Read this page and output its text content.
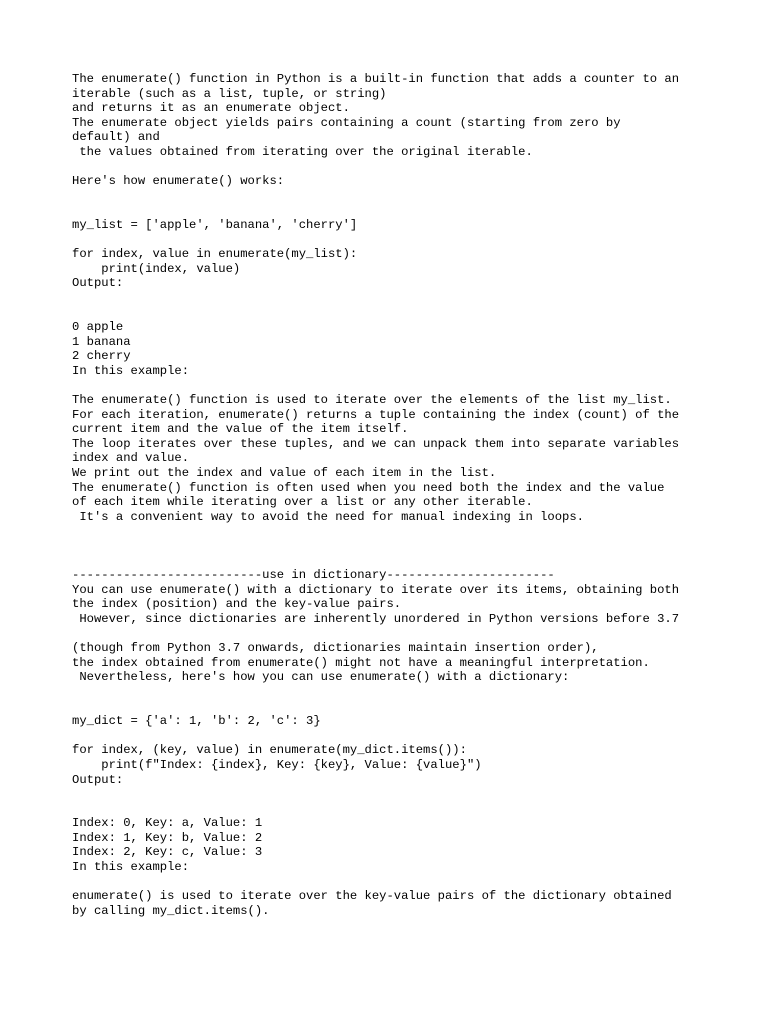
The enumerate() function in Python is a built-in function that adds a counter to an
iterable (such as a list, tuple, or string)
and returns it as an enumerate object.
The enumerate object yields pairs containing a count (starting from zero by
default) and
the values obtained from iterating over the original iterable.
Here's how enumerate() works:
my_list = ['apple', 'banana', 'cherry']
for index, value in enumerate(my_list):
print(index, value)
Output:
0 apple
1 banana
2 cherry
In this example:
The enumerate() function is used to iterate over the elements of the list my_list.
For each iteration, enumerate() returns a tuple containing the index (count) of the
current item and the value of the item itself.
The loop iterates over these tuples, and we can unpack them into separate variables
index and value.
We print out the index and value of each item in the list.
The enumerate() function is often used when you need both the index and the value
of each item while iterating over a list or any other iterable.
It's a convenient way to avoid the need for manual indexing in loops.
--------------------------use in dictionary-----------------------
You can use enumerate() with a dictionary to iterate over its items, obtaining both
the index (position) and the key-value pairs.
However, since dictionaries are inherently unordered in Python versions before 3.7
(though from Python 3.7 onwards, dictionaries maintain insertion order),
the index obtained from enumerate() might not have a meaningful interpretation.
Nevertheless, here's how you can use enumerate() with a dictionary:
my_dict = {'a': 1, 'b': 2, 'c': 3}
for index, (key, value) in enumerate(my_dict.items()):
print(f"Index: {index}, Key: {key}, Value: {value}")
Output:
Index: 0, Key: a, Value: 1
Index: 1, Key: b, Value: 2
Index: 2, Key: c, Value: 3
In this example:
enumerate() is used to iterate over the key-value pairs of the dictionary obtained
by calling my_dict.items().
